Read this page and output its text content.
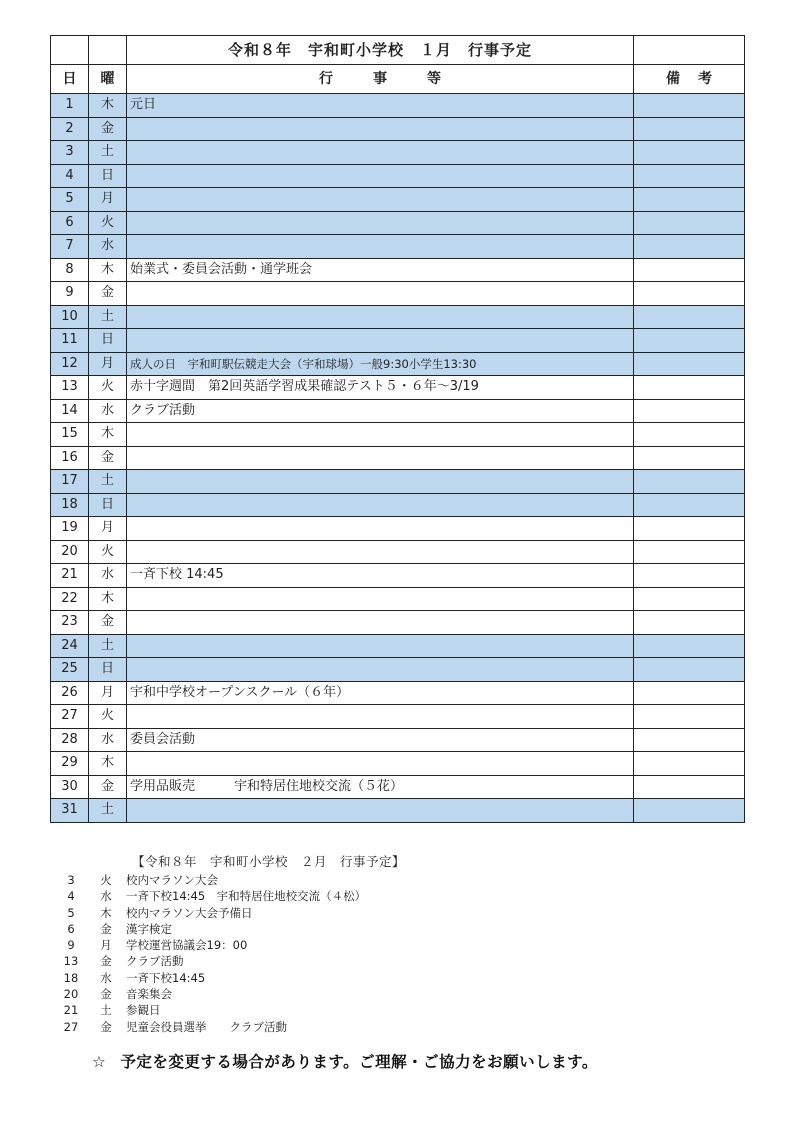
		令和８年　宇和町小学校　１月　行事予定	
日	曜	行事等	備考
1	木	元日	
2	金		
3	土		
4	日		
5	月		
6	火		
7	水		
8	木	始業式・委員会活動・通学班会	
9	金		
10	土		
11	日		
12	月	成人の日　宇和町駅伝競走大会（宇和球場）一般9:30小学生13:30	
13	火	赤十字週間　第2回英語学習成果確認テスト５・６年～3/19	
14	水	クラブ活動	
15	木		
16	金		
17	土		
18	日		
19	月		
20	火		
21	水	一斉下校 14:45	
22	木		
23	金		
24	土		
25	日		
26	月	宇和中学校オープンスクール（６年）	
27	火		
28	水	委員会活動	
29	木		
30	金	学用品販売　　　宇和特居住地校交流（５花）	
31	土		
【令和８年　宇和町小学校　２月　行事予定】
3	火	校内マラソン大会
4	水	一斉下校14:45　宇和特居住地校交流（４松）
5	木	校内マラソン大会予備日
6	金	漢字検定
9	月	学校運営協議会19：00
13	金	クラブ活動
18	水	一斉下校14:45
20	金	音楽集会
21	土	参観日
27	金	児童会役員選挙　　クラブ活動
☆ 予定を変更する場合があります。ご理解・ご協力をお願いします。
